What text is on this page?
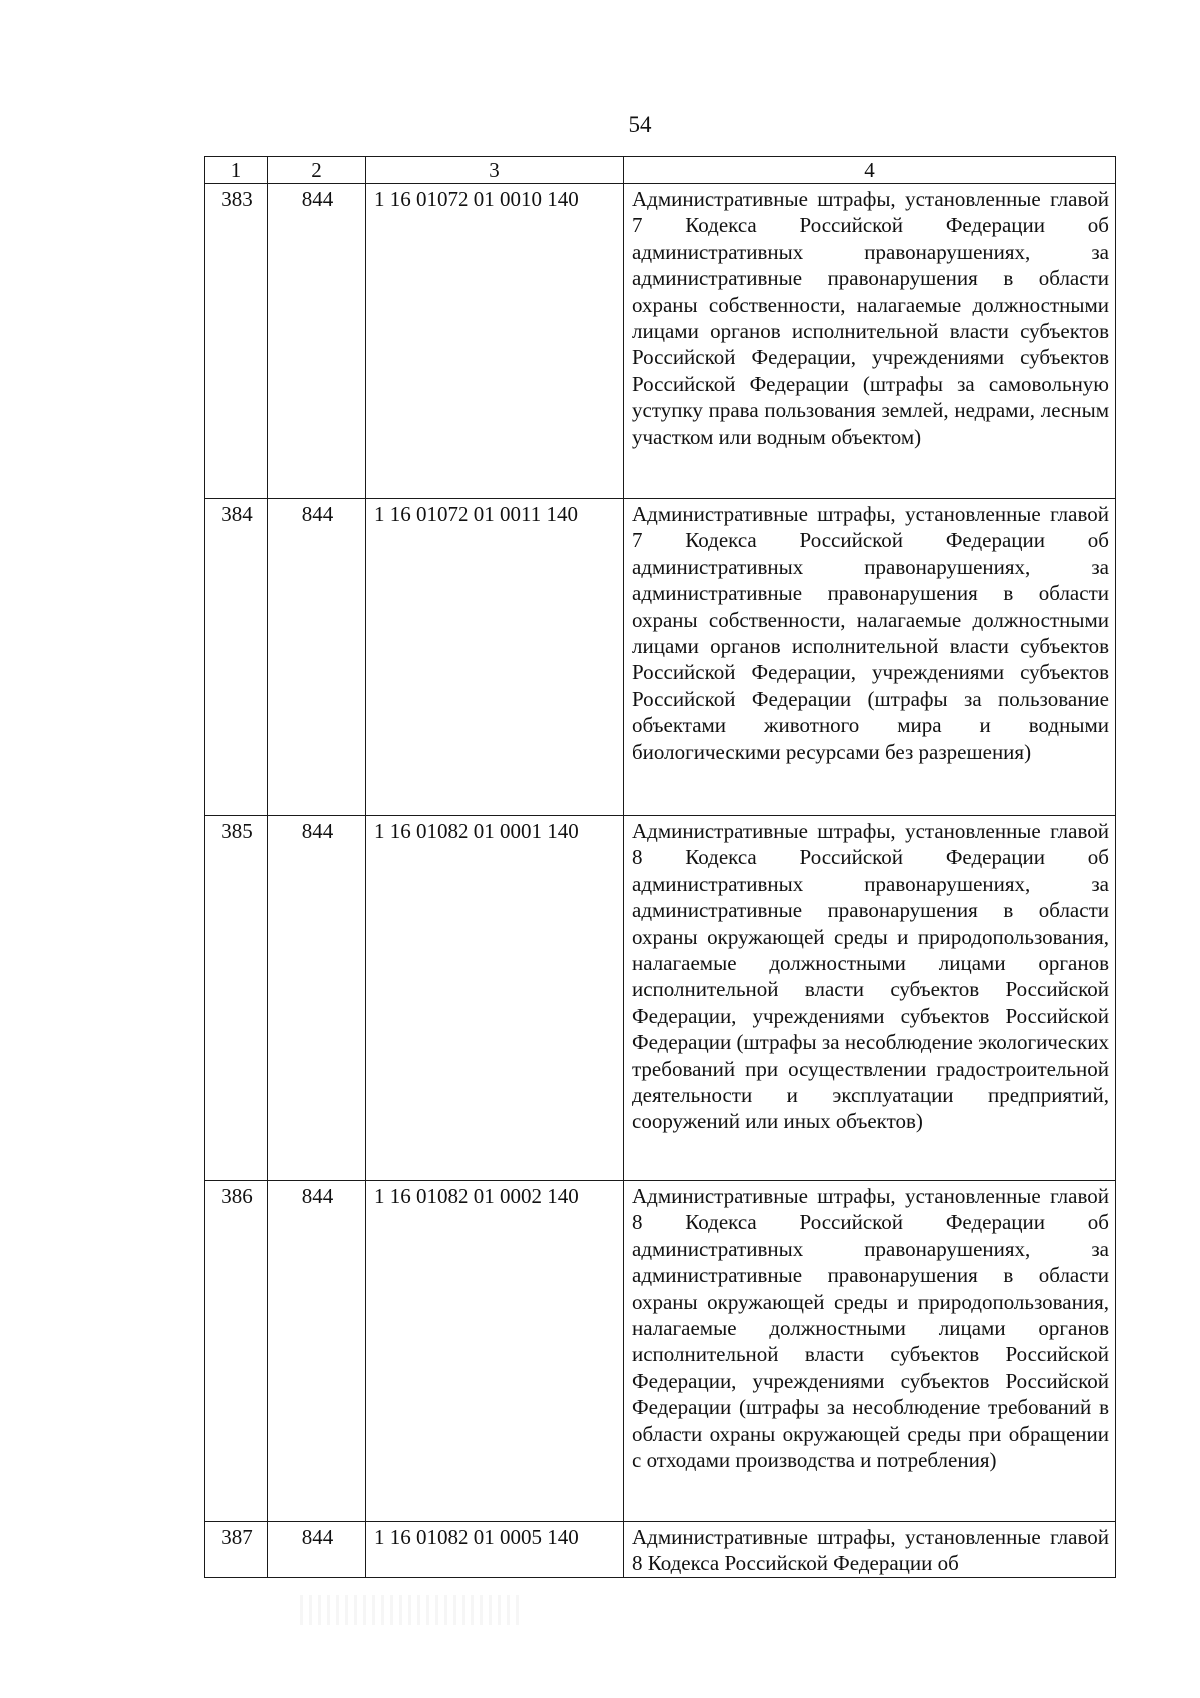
54
1	2	3	4
383	844	1 16 01072 01 0010 140	Административные штрафы, установленные главой 7 Кодекса Российской Федерации об административных правонарушениях, за административные правонарушения в области охраны собственности, налагаемые должностными лицами органов исполнительной власти субъектов Российской Федерации, учреждениями субъектов Российской Федерации (штрафы за самовольную уступку права пользования землей, недрами, лесным участком или водным объектом)
384	844	1 16 01072 01 0011 140	Административные штрафы, установленные главой 7 Кодекса Российской Федерации об административных правонарушениях, за административные правонарушения в области охраны собственности, налагаемые должностными лицами органов исполнительной власти субъектов Российской Федерации, учреждениями субъектов Российской Федерации (штрафы за пользование объектами животного мира и водными биологическими ресурсами без разрешения)
385	844	1 16 01082 01 0001 140	Административные штрафы, установленные главой 8 Кодекса Российской Федерации об административных правонарушениях, за административные правонарушения в области охраны окружающей среды и природопользования, налагаемые должностными лицами органов исполнительной власти субъектов Российской Федерации, учреждениями субъектов Российской Федерации (штрафы за несоблюдение экологических требований при осуществлении градостроительной деятельности и эксплуатации предприятий, сооружений или иных объектов)
386	844	1 16 01082 01 0002 140	Административные штрафы, установленные главой 8 Кодекса Российской Федерации об административных правонарушениях, за административные правонарушения в области охраны окружающей среды и природопользования, налагаемые должностными лицами органов исполнительной власти субъектов Российской Федерации, учреждениями субъектов Российской Федерации (штрафы за несоблюдение требований в области охраны окружающей среды при обращении с отходами производства и потребления)
387	844	1 16 01082 01 0005 140	Административные штрафы, установленные главой 8 Кодекса Российской Федерации об
